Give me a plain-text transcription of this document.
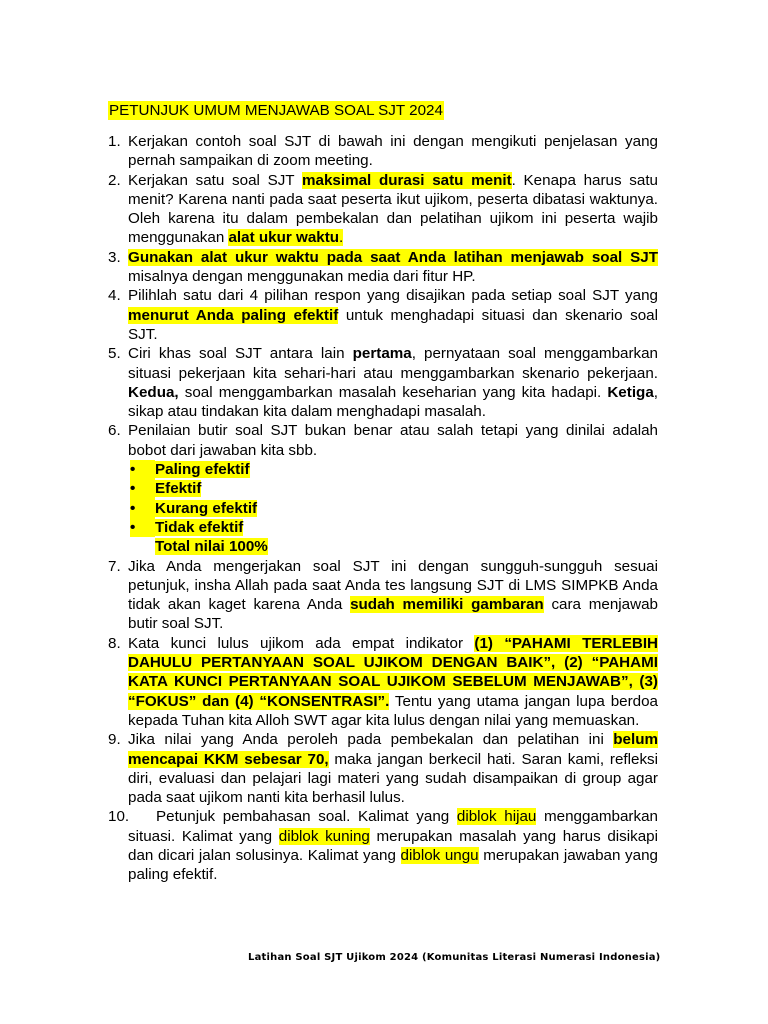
PETUNJUK UMUM MENJAWAB SOAL SJT 2024
1. Kerjakan contoh soal SJT di bawah ini dengan mengikuti penjelasan yang pernah sampaikan di zoom meeting.
2. Kerjakan satu soal SJT maksimal durasi satu menit. Kenapa harus satu menit? Karena nanti pada saat peserta ikut ujikom, peserta dibatasi waktunya. Oleh karena itu dalam pembekalan dan pelatihan ujikom ini peserta wajib menggunakan alat ukur waktu.
3. Gunakan alat ukur waktu pada saat Anda latihan menjawab soal SJT misalnya dengan menggunakan media dari fitur HP.
4. Pilihlah satu dari 4 pilihan respon yang disajikan pada setiap soal SJT yang menurut Anda paling efektif untuk menghadapi situasi dan skenario soal SJT.
5. Ciri khas soal SJT antara lain pertama, pernyataan soal menggambarkan situasi pekerjaan kita sehari-hari atau menggambarkan skenario pekerjaan. Kedua, soal menggambarkan masalah keseharian yang kita hadapi. Ketiga, sikap atau tindakan kita dalam menghadapi masalah.
6. Penilaian butir soal SJT bukan benar atau salah tetapi yang dinilai adalah bobot dari jawaban kita sbb.
•	Paling efektif
•	Efektif
•	Kurang efektif
•	Tidak efektif
Total nilai 100%
7. Jika Anda mengerjakan soal SJT ini dengan sungguh-sungguh sesuai petunjuk, insha Allah pada saat Anda tes langsung SJT di LMS SIMPKB Anda tidak akan kaget karena Anda sudah memiliki gambaran cara menjawab butir soal SJT.
8. Kata kunci lulus ujikom ada empat indikator (1) “PAHAMI TERLEBIH DAHULU PERTANYAAN SOAL UJIKOM DENGAN BAIK”, (2) “PAHAMI KATA KUNCI PERTANYAAN SOAL UJIKOM SEBELUM MENJAWAB”, (3) “FOKUS” dan (4) “KONSENTRASI”. Tentu yang utama jangan lupa berdoa kepada Tuhan kita Alloh SWT agar kita lulus dengan nilai yang memuaskan.
9. Jika nilai yang Anda peroleh pada pembekalan dan pelatihan ini belum mencapai KKM sebesar 70, maka jangan berkecil hati. Saran kami, refleksi diri, evaluasi dan pelajari lagi materi yang sudah disampaikan di group agar pada saat ujikom nanti kita berhasil lulus.
10.	Petunjuk pembahasan soal. Kalimat yang diblok hijau menggambarkan situasi. Kalimat yang diblok kuning merupakan masalah yang harus disikapi dan dicari jalan solusinya. Kalimat yang diblok ungu merupakan jawaban yang paling efektif.
Latihan Soal SJT Ujikom 2024 (Komunitas Literasi Numerasi Indonesia)
